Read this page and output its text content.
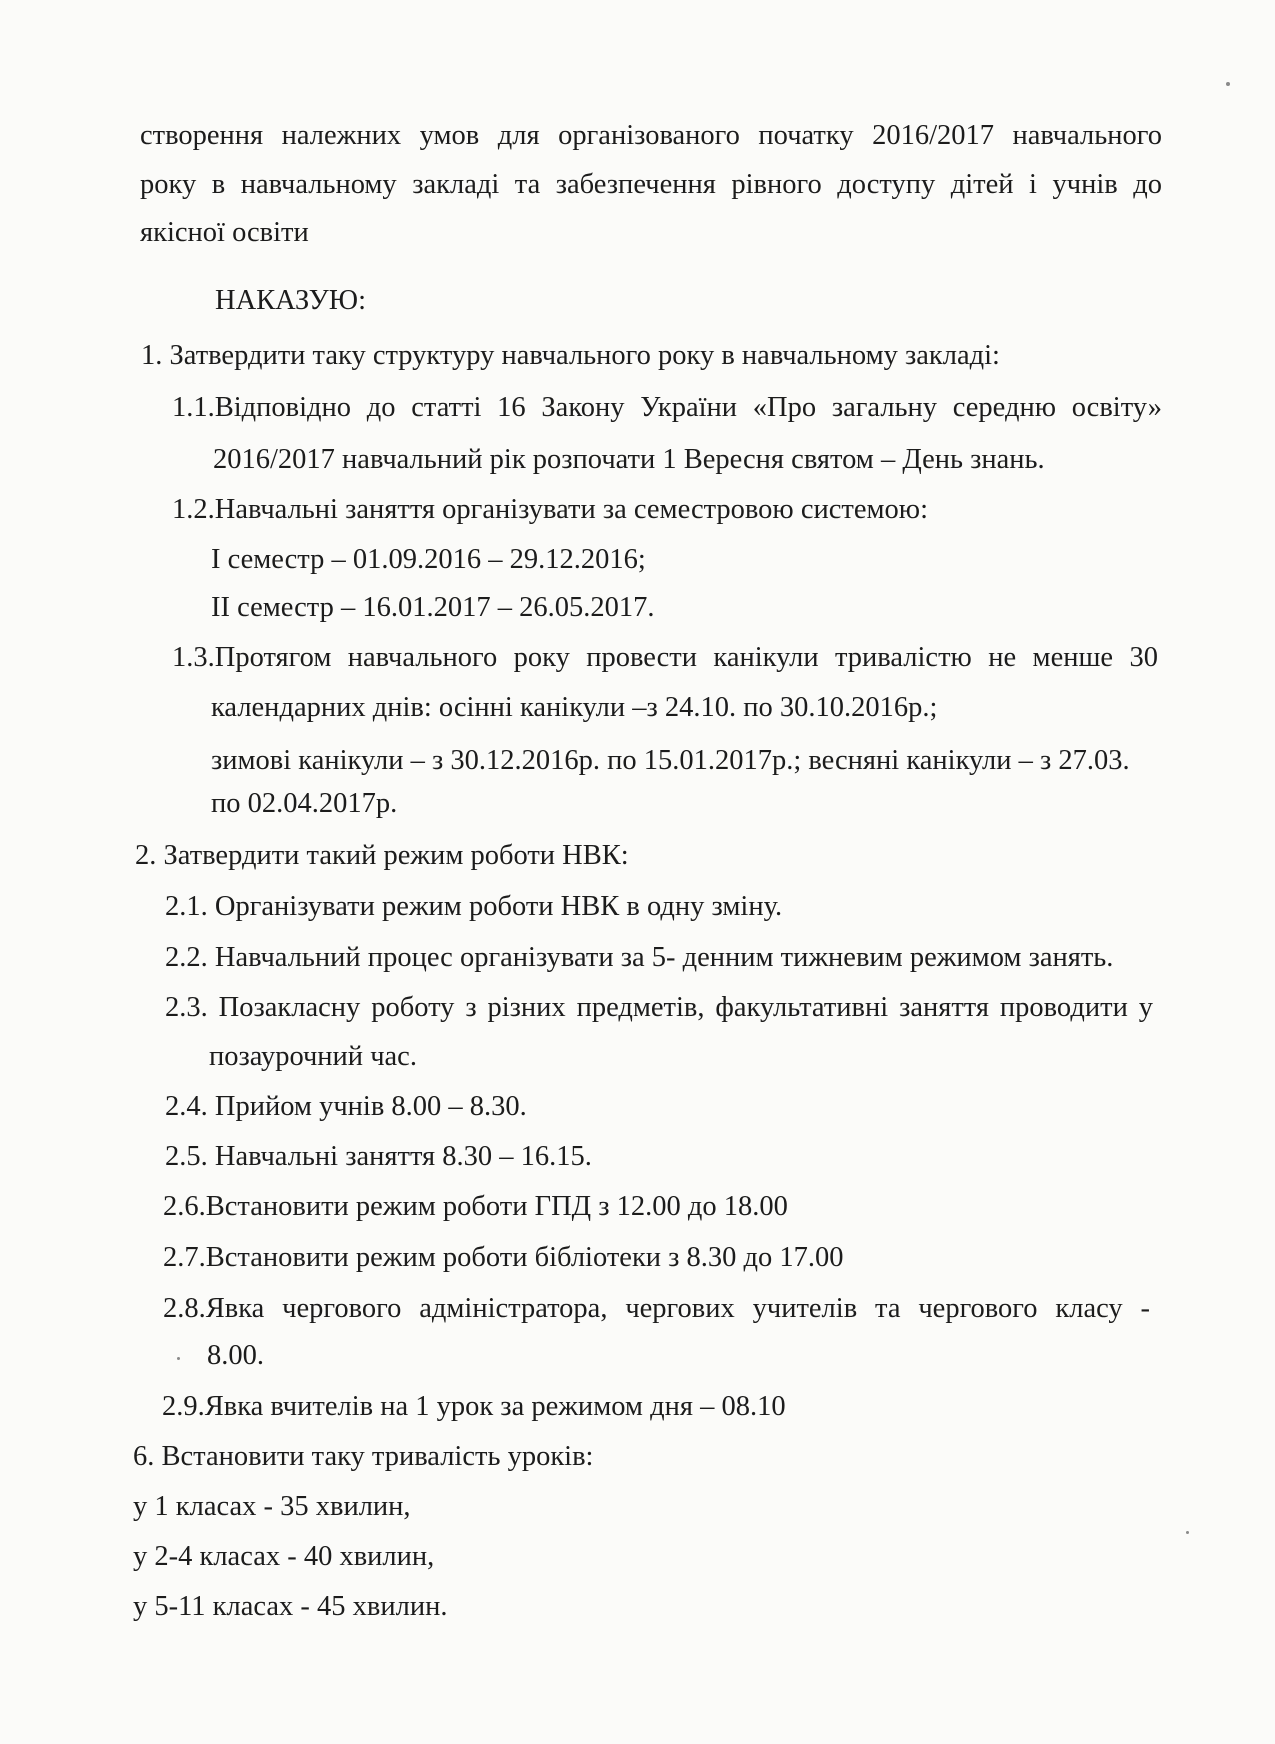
створення належних умов для організованого початку 2016/2017 навчального
року в навчальному закладі та забезпечення рівного доступу дітей і учнів до
якісної освіти
НАКАЗУЮ:
1. Затвердити таку структуру навчального року в навчальному закладі:
1.1.Відповідно до статті 16 Закону України «Про загальну середню освіту»
2016/2017 навчальний рік розпочати 1 Вересня святом – День знань.
1.2.Навчальні заняття організувати за семестровою системою:
І семестр – 01.09.2016 – 29.12.2016;
ІІ семестр – 16.01.2017 – 26.05.2017.
1.3.Протягом навчального року провести канікули тривалістю не менше 30
календарних днів: осінні канікули –з 24.10. по 30.10.2016р.;
зимові канікули – з 30.12.2016р. по 15.01.2017р.; весняні канікули – з 27.03.
по 02.04.2017р.
2. Затвердити такий режим роботи НВК:
2.1. Організувати режим роботи НВК в одну зміну.
2.2. Навчальний процес організувати за 5- денним тижневим режимом занять.
2.3. Позакласну роботу з різних предметів, факультативні заняття проводити у
позаурочний час.
2.4. Прийом учнів 8.00 – 8.30.
2.5. Навчальні заняття 8.30 – 16.15.
2.6.Встановити режим роботи ГПД з 12.00 до 18.00
2.7.Встановити режим роботи бібліотеки з 8.30 до 17.00
2.8.Явка чергового адміністратора, чергових учителів та чергового класу -
8.00.
2.9.Явка вчителів на 1 урок за режимом дня – 08.10
6. Встановити таку тривалість уроків:
у 1 класах - 35 хвилин,
у 2-4 класах - 40 хвилин,
у 5-11 класах - 45 хвилин.
